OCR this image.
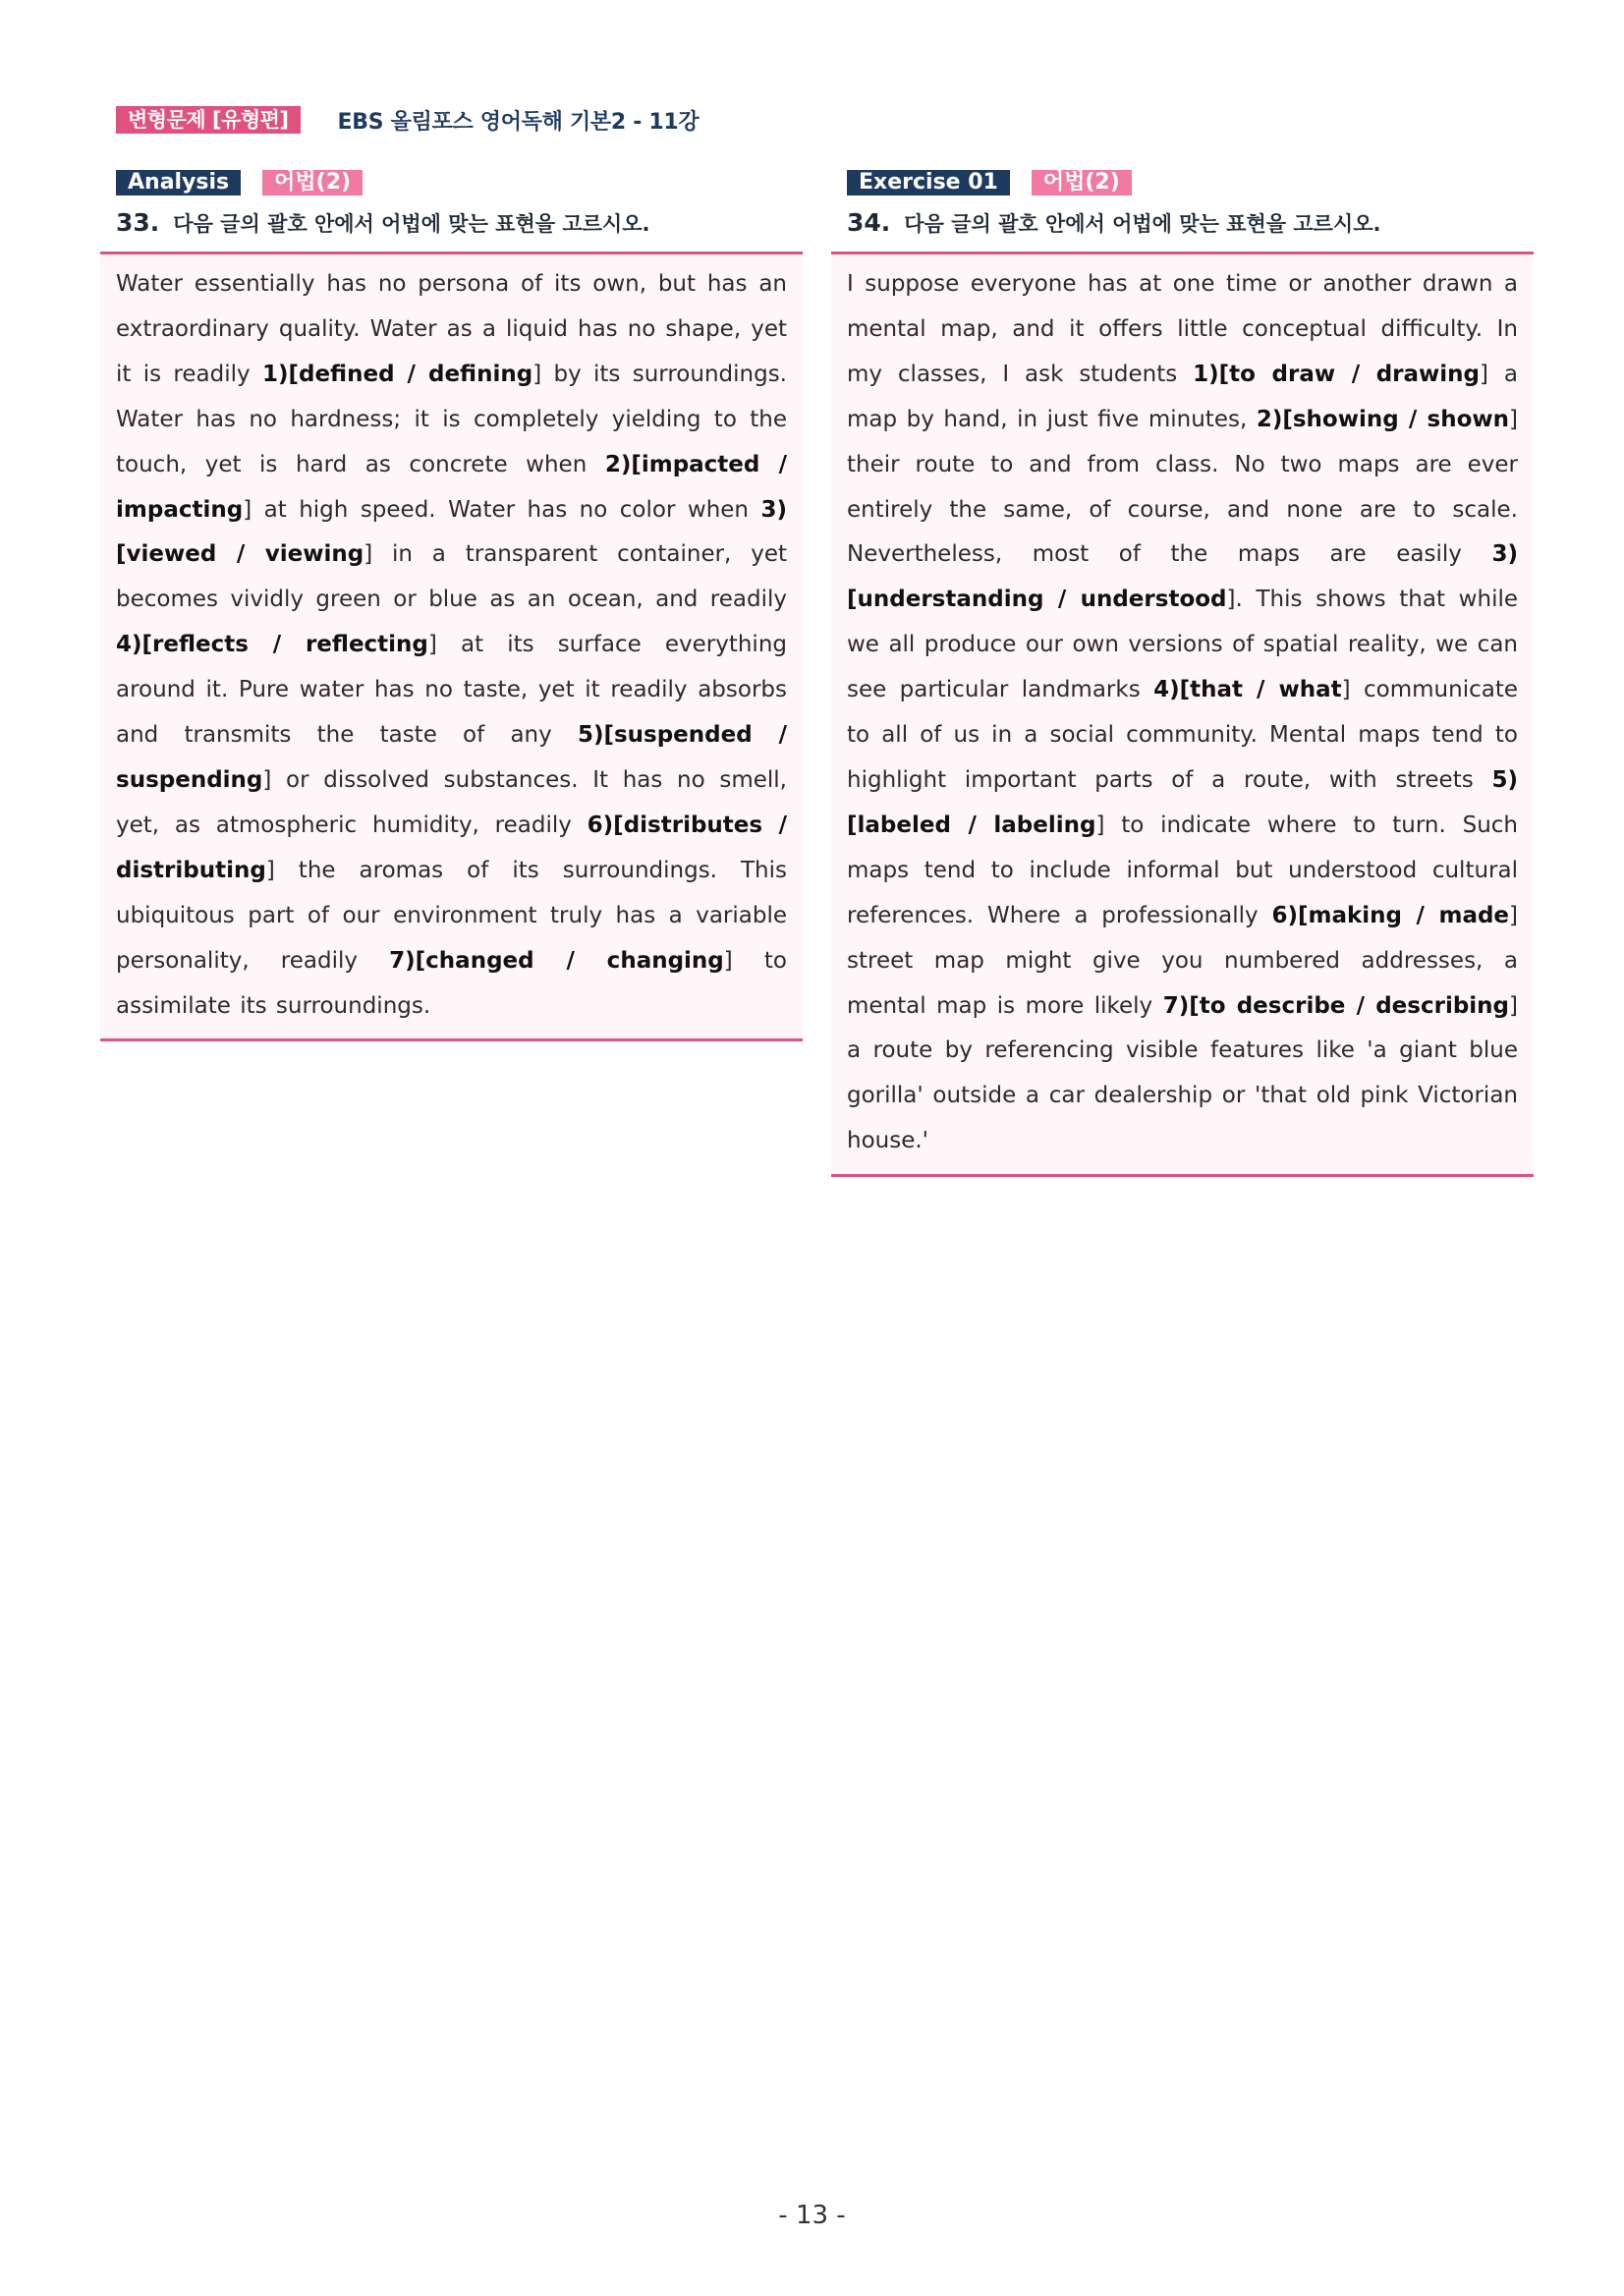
변형문제 [유형편]	EBS 올림포스 영어독해 기본2 - 11강
Analysis	어법(2)
33. 다음 글의 괄호 안에서 어법에 맞는 표현을 고르시오.

Water essentially has no persona of its own, but has an extraordinary quality. Water as a liquid has no shape, yet it is readily 1)[defined / defining] by its surroundings. Water has no hardness; it is completely yielding to the touch, yet is hard as concrete when 2)[impacted / impacting] at high speed. Water has no color when 3)[viewed / viewing] in a transparent container, yet becomes vividly green or blue as an ocean, and readily 4)[reflects / reflecting] at its surface everything around it. Pure water has no taste, yet it readily absorbs and transmits the taste of any 5)[suspended / suspending] or dissolved substances. It has no smell, yet, as atmospheric humidity, readily 6)[distributes / distributing] the aromas of its surroundings. This ubiquitous part of our environment truly has a variable personality, readily 7)[changed / changing] to assimilate its surroundings.

Exercise 01	어법(2)
34. 다음 글의 괄호 안에서 어법에 맞는 표현을 고르시오.

I suppose everyone has at one time or another drawn a mental map, and it offers little conceptual difficulty. In my classes, I ask students 1)[to draw / drawing] a map by hand, in just five minutes, 2)[showing / shown] their route to and from class. No two maps are ever entirely the same, of course, and none are to scale. Nevertheless, most of the maps are easily 3)[understanding / understood]. This shows that while we all produce our own versions of spatial reality, we can see particular landmarks 4)[that / what] communicate to all of us in a social community. Mental maps tend to highlight important parts of a route, with streets 5)[labeled / labeling] to indicate where to turn. Such maps tend to include informal but understood cultural references. Where a professionally 6)[making / made] street map might give you numbered addresses, a mental map is more likely 7)[to describe / describing] a route by referencing visible features like 'a giant blue gorilla' outside a car dealership or 'that old pink Victorian house.'

- 13 -
